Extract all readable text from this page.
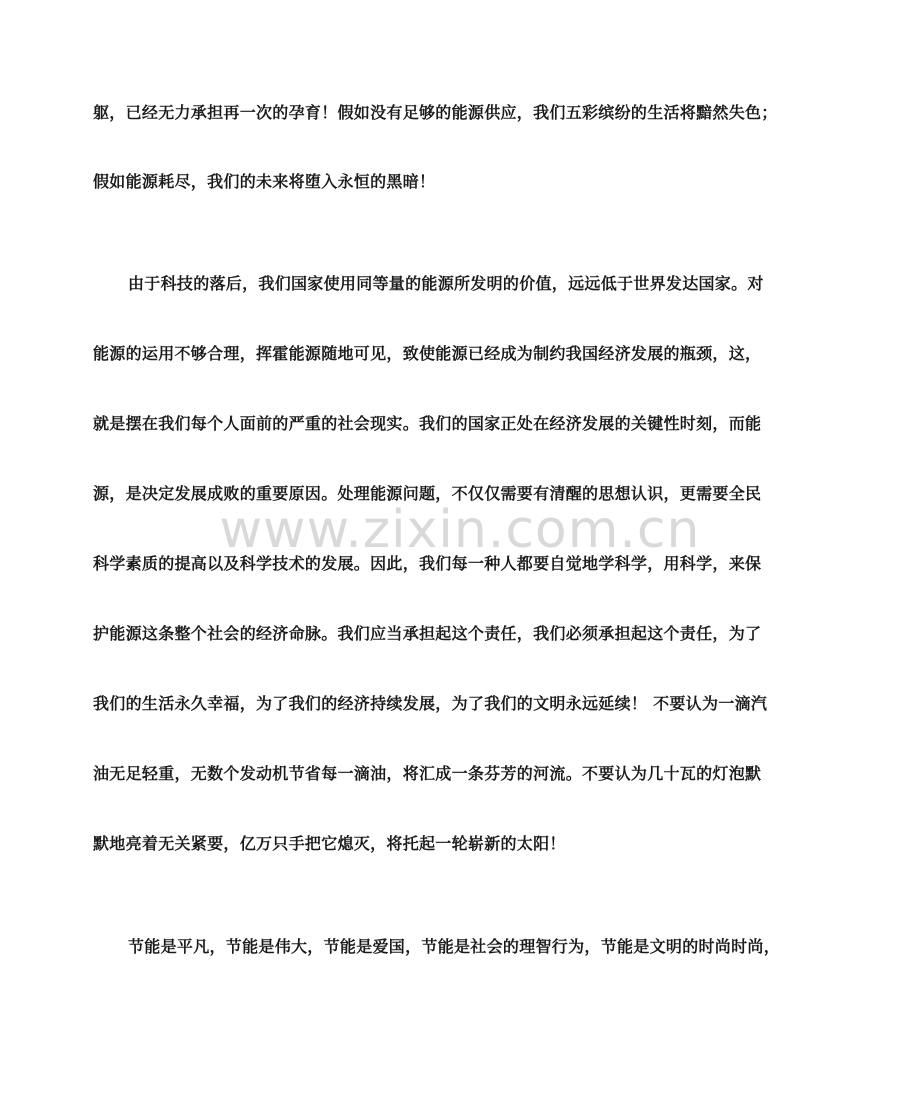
www.zixin.com.cn

躯，已经无力承担再一次的孕育！假如没有足够的能源供应，我们五彩缤纷的生活将黯然失色；

假如能源耗尽，我们的未来将堕入永恒的黑暗！

由于科技的落后，我们国家使用同等量的能源所发明的价值，远远低于世界发达国家。对

能源的运用不够合理，挥霍能源随地可见，致使能源已经成为制约我国经济发展的瓶颈，这，

就是摆在我们每个人面前的严重的社会现实。我们的国家正处在经济发展的关键性时刻，而能

源，是决定发展成败的重要原因。处理能源问题，不仅仅需要有清醒的思想认识，更需要全民

科学素质的提高以及科学技术的发展。因此，我们每一种人都要自觉地学科学，用科学，来保

护能源这条整个社会的经济命脉。我们应当承担起这个责任，我们必须承担起这个责任，为了

我们的生活永久幸福，为了我们的经济持续发展，为了我们的文明永远延续！ 不要认为一滴汽

油无足轻重，无数个发动机节省每一滴油，将汇成一条芬芳的河流。不要认为几十瓦的灯泡默

默地亮着无关紧要，亿万只手把它熄灭，将托起一轮崭新的太阳！

节能是平凡，节能是伟大，节能是爱国，节能是社会的理智行为，节能是文明的时尚时尚，
